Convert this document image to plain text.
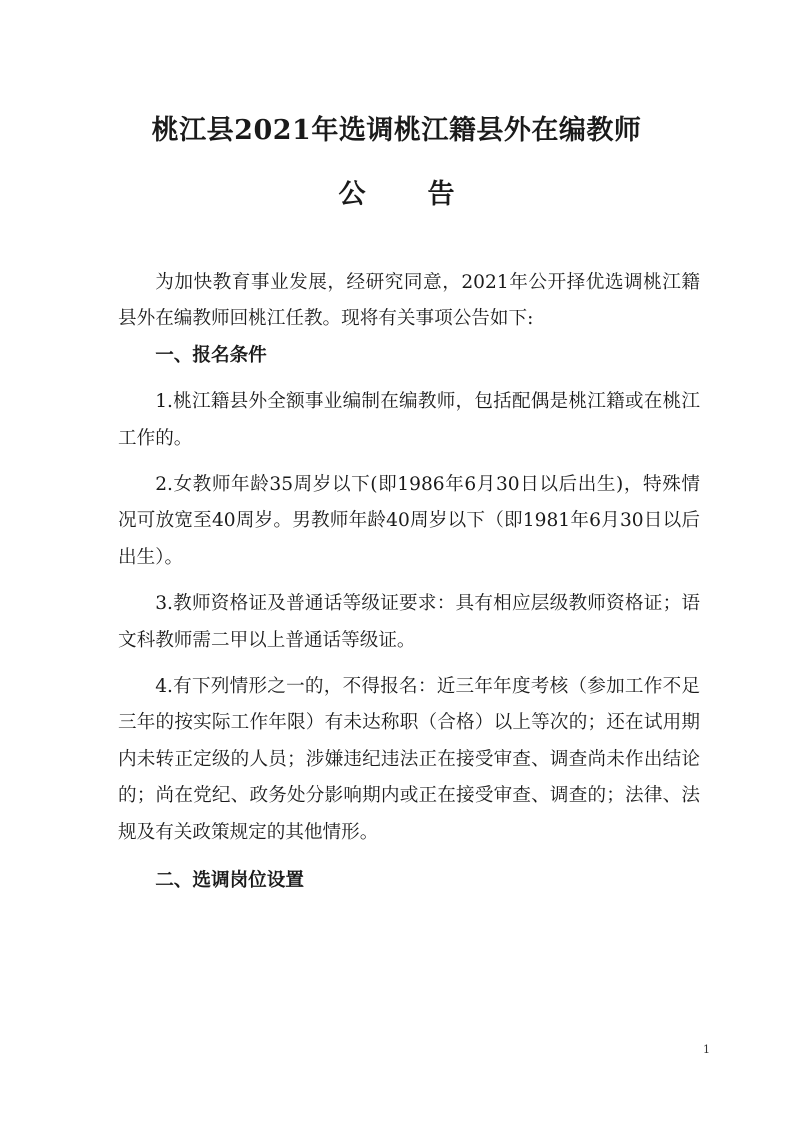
桃江县2021年选调桃江籍县外在编教师
公告

为加快教育事业发展，经研究同意，2021年公开择优选调桃江籍县外在编教师回桃江任教。现将有关事项公告如下:

一、报名条件

1.桃江籍县外全额事业编制在编教师，包括配偶是桃江籍或在桃江工作的。

2.女教师年龄35周岁以下(即1986年6月30日以后出生)，特殊情况可放宽至40周岁。男教师年龄40周岁以下（即1981年6月30日以后出生）。

3.教师资格证及普通话等级证要求：具有相应层级教师资格证；语文科教师需二甲以上普通话等级证。

4.有下列情形之一的，不得报名：近三年年度考核（参加工作不足三年的按实际工作年限）有未达称职（合格）以上等次的；还在试用期内未转正定级的人员；涉嫌违纪违法正在接受审查、调查尚未作出结论的；尚在党纪、政务处分影响期内或正在接受审查、调查的；法律、法规及有关政策规定的其他情形。

二、选调岗位设置

1
